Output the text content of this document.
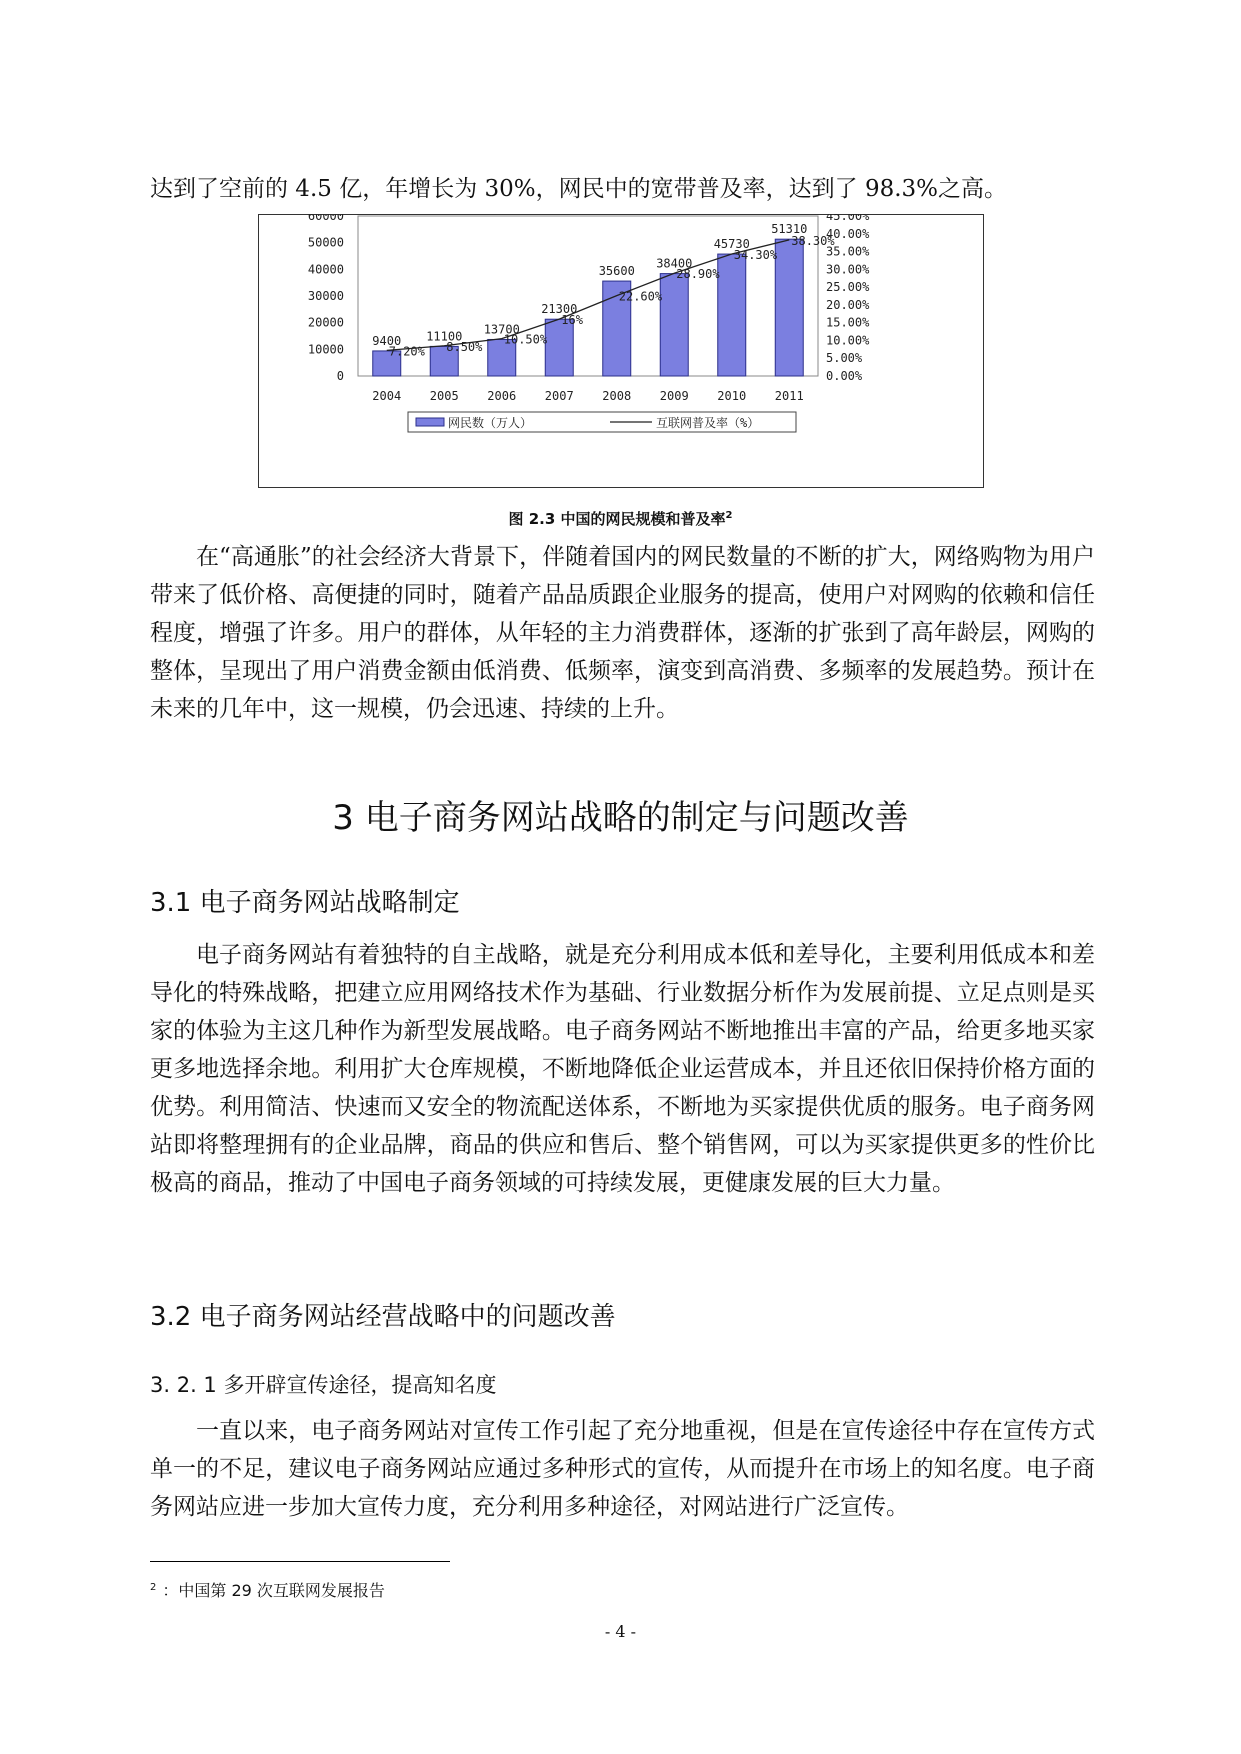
达到了空前的 4.5 亿，年增长为 30%，网民中的宽带普及率，达到了 98.3%之高。

60000
50000
40000
30000
20000
10000
0
45.00%
40.00%
35.00%
30.00%
25.00%
20.00%
15.00%
10.00%
5.00%
0.00%
9400
2004
11100
2005
13700
2006
21300
2007
35600
2008
38400
2009
45730
2010
51310
2011
7.20% 8.50%
10.50%
16%
22.60%
28.90%
34.30%
38.30%
网民数（万人）	互联网普及率（%）
图 2.3 中国的网民规模和普及率$^2$

在“高通胀”的社会经济大背景下，伴随着国内的网民数量的不断的扩大，网络购物为用户带来了低价格、高便捷的同时，随着产品品质跟企业服务的提高，使用户对网购的依赖和信任程度，增强了许多。用户的群体，从年轻的主力消费群体，逐渐的扩张到了高年龄层，网购的整体，呈现出了用户消费金额由低消费、低频率，演变到高消费、多频率的发展趋势。预计在未来的几年中，这一规模，仍会迅速、持续的上升。

3 电子商务网站战略的制定与问题改善
3.1 电子商务网站战略制定

电子商务网站有着独特的自主战略，就是充分利用成本低和差导化，主要利用低成本和差导化的特殊战略，把建立应用网络技术作为基础、行业数据分析作为发展前提、立足点则是买家的体验为主这几种作为新型发展战略。电子商务网站不断地推出丰富的产品，给更多地买家更多地选择余地。利用扩大仓库规模，不断地降低企业运营成本，并且还依旧保持价格方面的优势。利用简洁、快速而又安全的物流配送体系，不断地为买家提供优质的服务。电子商务网站即将整理拥有的企业品牌，商品的供应和售后、整个销售网，可以为买家提供更多的性价比极高的商品，推动了中国电子商务领域的可持续发展，更健康发展的巨大力量。

3.2 电子商务网站经营战略中的问题改善
3. 2. 1 多开辟宣传途径，提高知名度

一直以来，电子商务网站对宣传工作引起了充分地重视，但是在宣传途径中存在宣传方式单一的不足，建议电子商务网站应通过多种形式的宣传，从而提升在市场上的知名度。电子商务网站应进一步加大宣传力度，充分利用多种途径，对网站进行广泛宣传。

$^2$ ：中国第 29 次互联网发展报告
- 4 -
